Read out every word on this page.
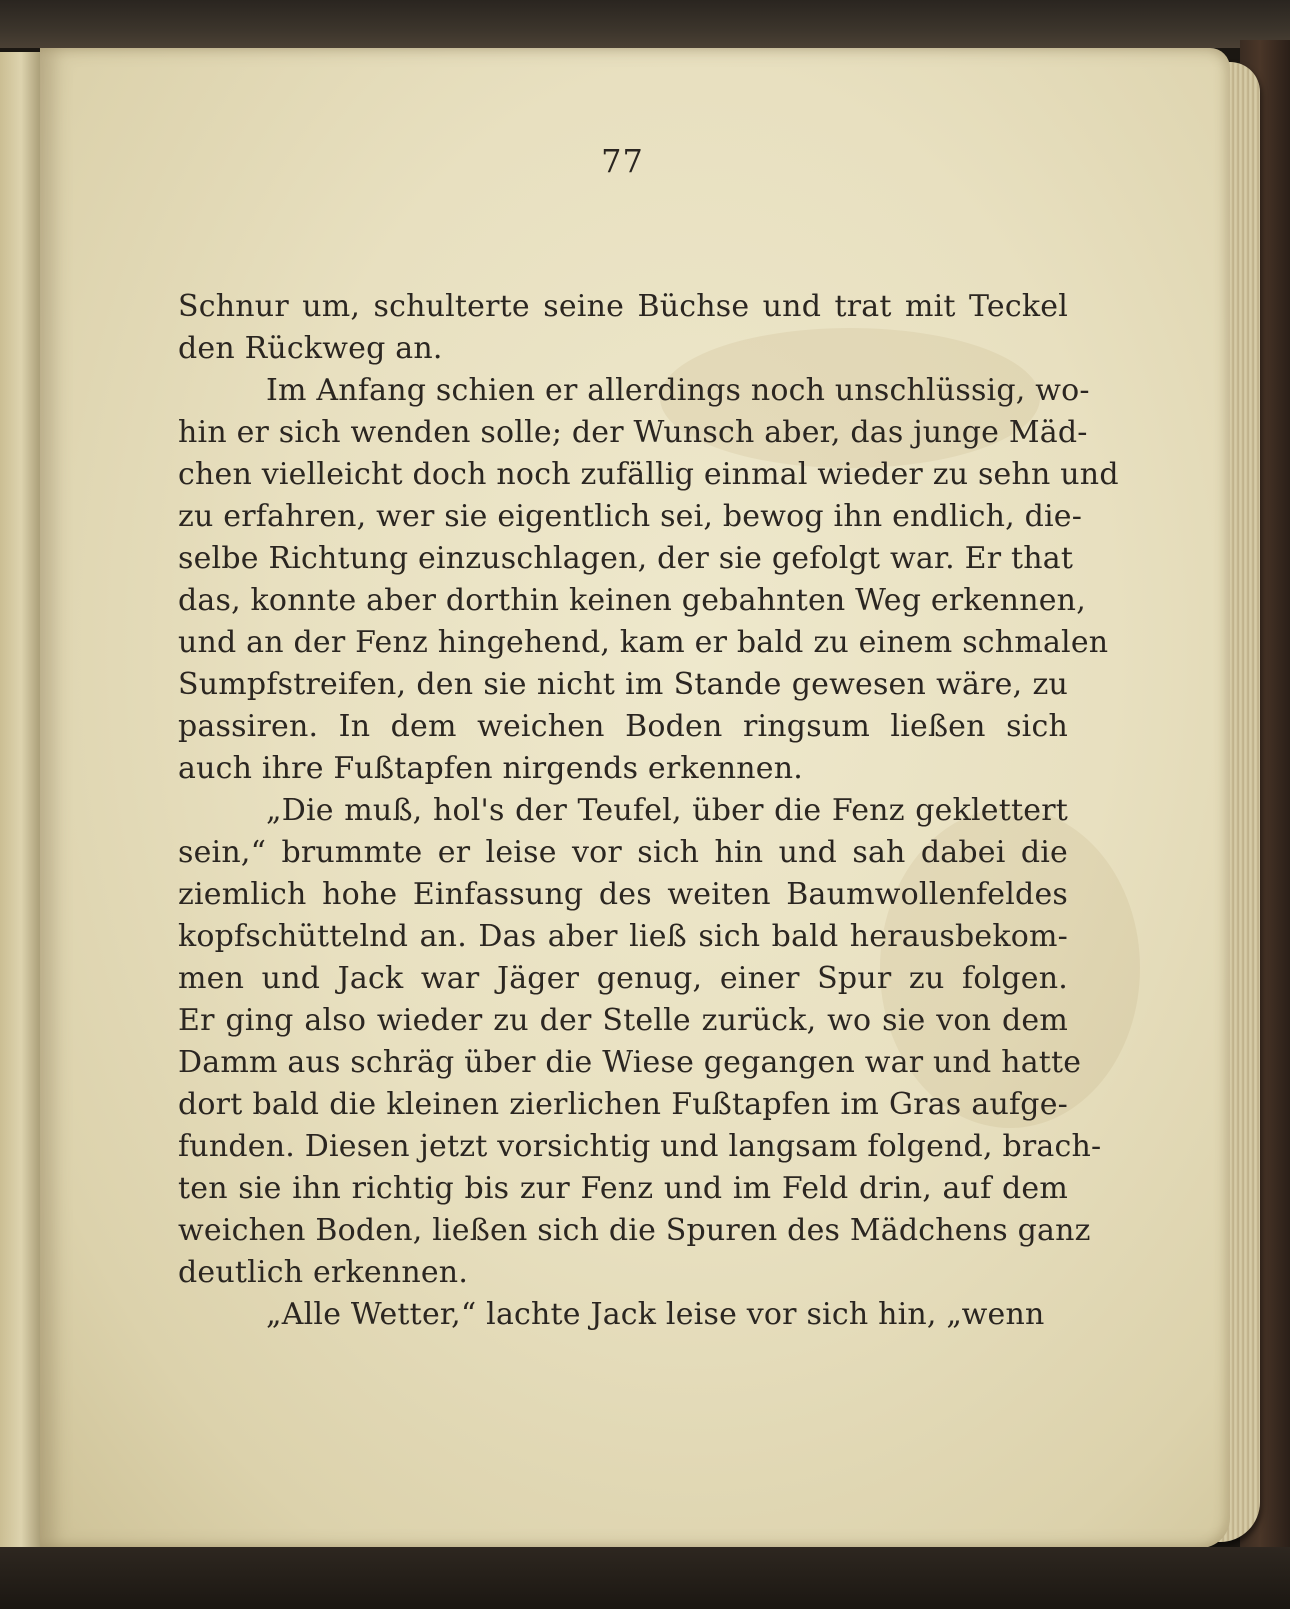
77
Schnur um, schulterte seine Büchse und trat mit Teckel
den Rückweg an.
Im Anfang schien er allerdings noch unschlüssig, wo-
hin er sich wenden solle; der Wunsch aber, das junge Mäd-
chen vielleicht doch noch zufällig einmal wieder zu sehn und
zu erfahren, wer sie eigentlich sei, bewog ihn endlich, die-
selbe Richtung einzuschlagen, der sie gefolgt war. Er that
das, konnte aber dorthin keinen gebahnten Weg erkennen,
und an der Fenz hingehend, kam er bald zu einem schmalen
Sumpfstreifen, den sie nicht im Stande gewesen wäre, zu
passiren. In dem weichen Boden ringsum ließen sich
auch ihre Fußtapfen nirgends erkennen.
„Die muß, hol's der Teufel, über die Fenz geklettert
sein,“ brummte er leise vor sich hin und sah dabei die
ziemlich hohe Einfassung des weiten Baumwollenfeldes
kopfschüttelnd an. Das aber ließ sich bald herausbekom-
men und Jack war Jäger genug, einer Spur zu folgen.
Er ging also wieder zu der Stelle zurück, wo sie von dem
Damm aus schräg über die Wiese gegangen war und hatte
dort bald die kleinen zierlichen Fußtapfen im Gras aufge-
funden. Diesen jetzt vorsichtig und langsam folgend, brach-
ten sie ihn richtig bis zur Fenz und im Feld drin, auf dem
weichen Boden, ließen sich die Spuren des Mädchens ganz
deutlich erkennen.
„Alle Wetter,“ lachte Jack leise vor sich hin, „wenn
